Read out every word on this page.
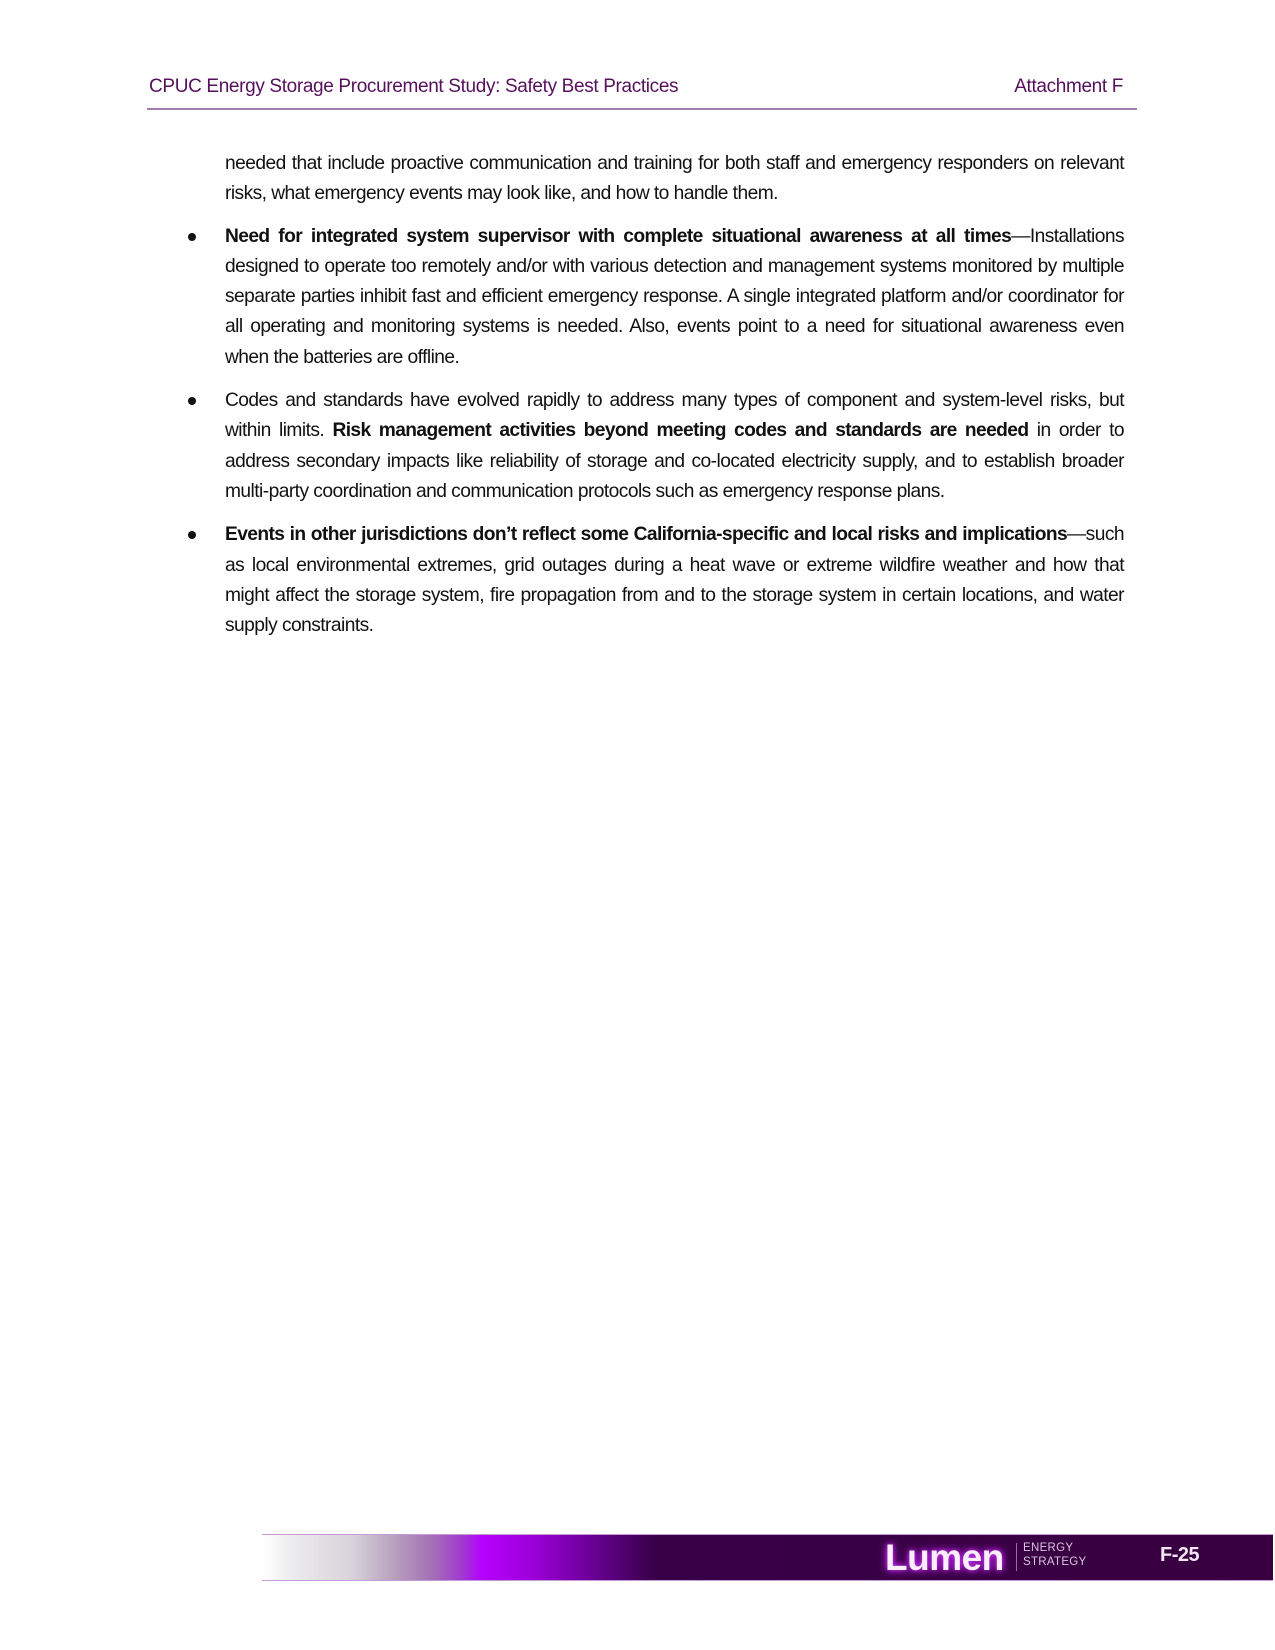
CPUC Energy Storage Procurement Study: Safety Best Practices	Attachment F

needed that include proactive communication and training for both staff and emergency responders on relevant risks, what emergency events may look like, and how to handle them.

Need for integrated system supervisor with complete situational awareness at all times—Installations designed to operate too remotely and/or with various detection and management systems monitored by multiple separate parties inhibit fast and efficient emergency response. A single integrated platform and/or coordinator for all operating and monitoring systems is needed. Also, events point to a need for situational awareness even when the batteries are offline.

Codes and standards have evolved rapidly to address many types of component and system-level risks, but within limits. Risk management activities beyond meeting codes and standards are needed in order to address secondary impacts like reliability of storage and co-located electricity supply, and to establish broader multi-party coordination and communication protocols such as emergency response plans.

Events in other jurisdictions don’t reflect some California-specific and local risks and implications—such as local environmental extremes, grid outages during a heat wave or extreme wildfire weather and how that might affect the storage system, fire propagation from and to the storage system in certain locations, and water supply constraints.

Lumen ENERGY
STRATEGY	F-25
